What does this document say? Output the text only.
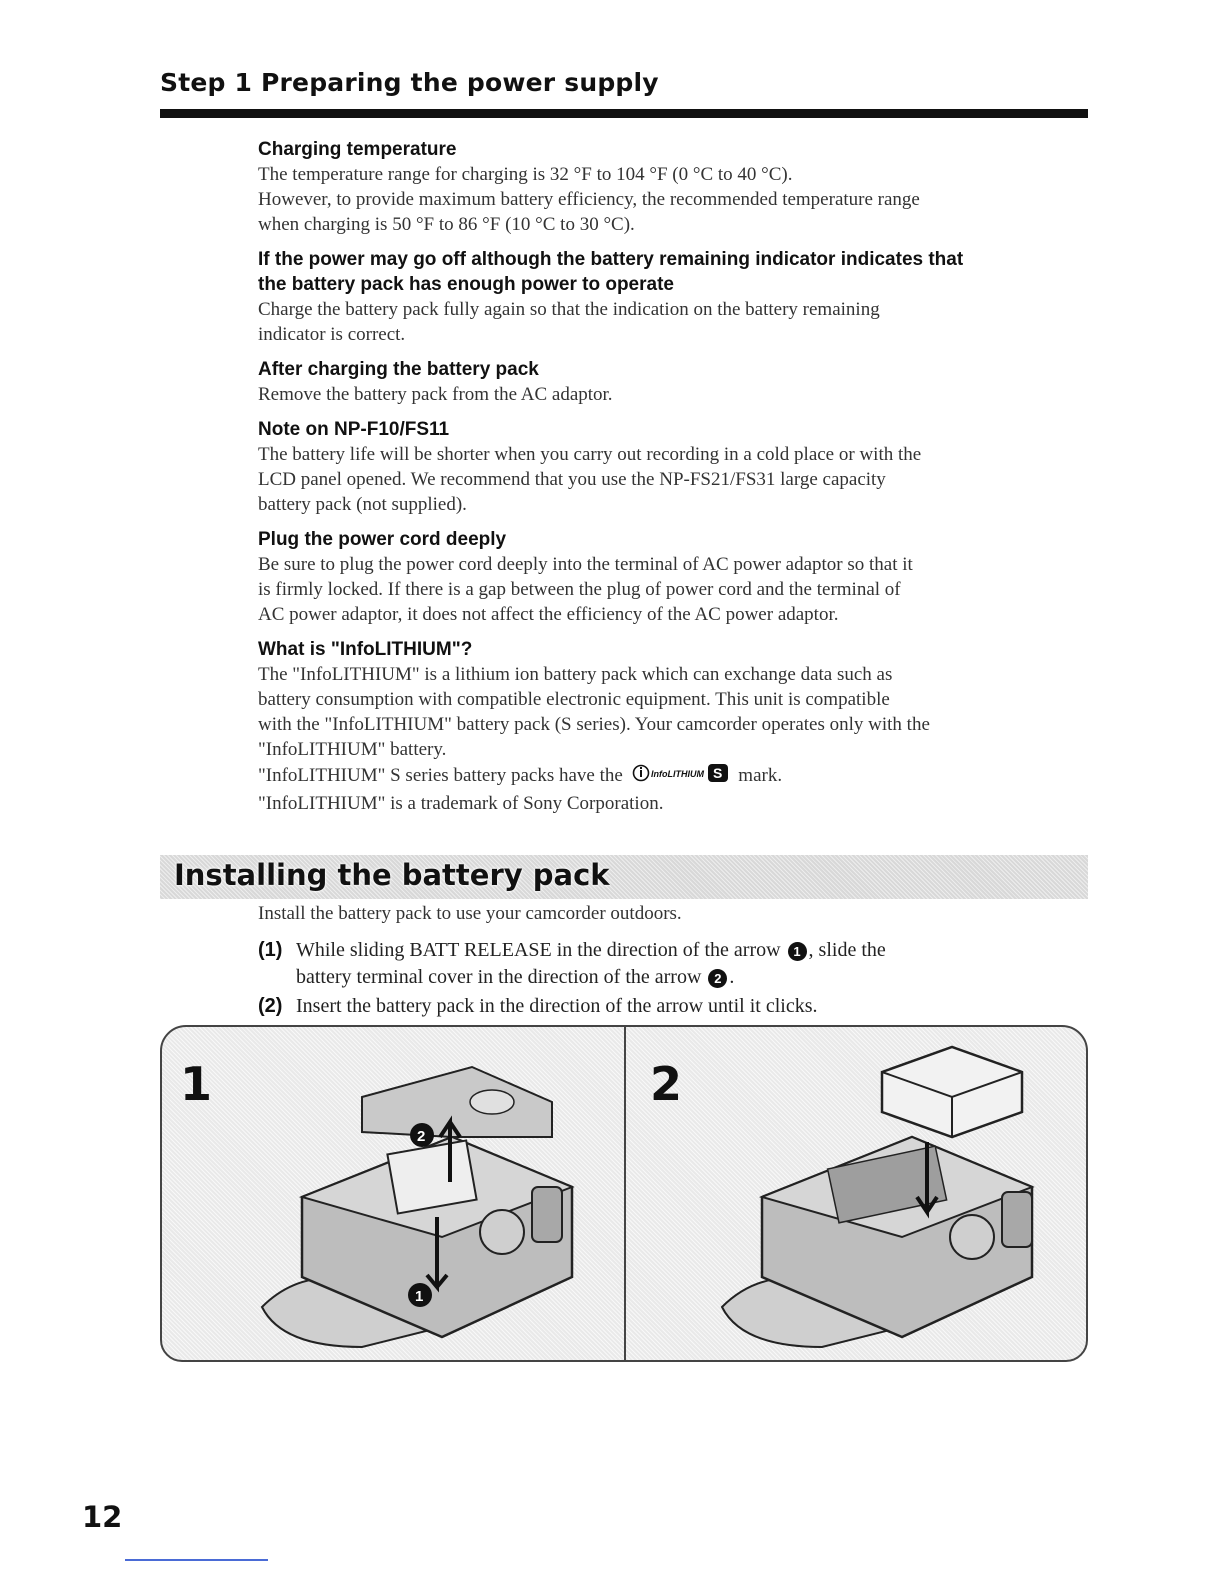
Step 1 Preparing the power supply
Charging temperature
The temperature range for charging is 32 °F to 104 °F (0 °C to 40 °C).
However, to provide maximum battery efficiency, the recommended temperature range
when charging is 50 °F to 86 °F (10 °C to 30 °C).
If the power may go off although the battery remaining indicator indicates that
the battery pack has enough power to operate
Charge the battery pack fully again so that the indication on the battery remaining
indicator is correct.
After charging the battery pack
Remove the battery pack from the AC adaptor.
Note on NP-F10/FS11
The battery life will be shorter when you carry out recording in a cold place or with the
LCD panel opened. We recommend that you use the NP-FS21/FS31 large capacity
battery pack (not supplied).
Plug the power cord deeply
Be sure to plug the power cord deeply into the terminal of AC power adaptor so that it
is firmly locked. If there is a gap between the plug of power cord and the terminal of
AC power adaptor, it does not affect the efficiency of the AC power adaptor.
What is "InfoLITHIUM"?
The "InfoLITHIUM" is a lithium ion battery pack which can exchange data such as
battery consumption with compatible electronic equipment. This unit is compatible
with the "InfoLITHIUM" battery pack (S series). Your camcorder operates only with the
"InfoLITHIUM" battery.
"InfoLITHIUM" S series battery packs have the	InfoLITHIUM S mark.
"InfoLITHIUM" is a trademark of Sony Corporation.
Installing the battery pack
Install the battery pack to use your camcorder outdoors.
(1) While sliding BATT RELEASE in the direction of the arrow 1 , slide the
battery terminal cover in the direction of the arrow 2 .
(2) Insert the battery pack in the direction of the arrow until it clicks.
1
2
1
2
12
